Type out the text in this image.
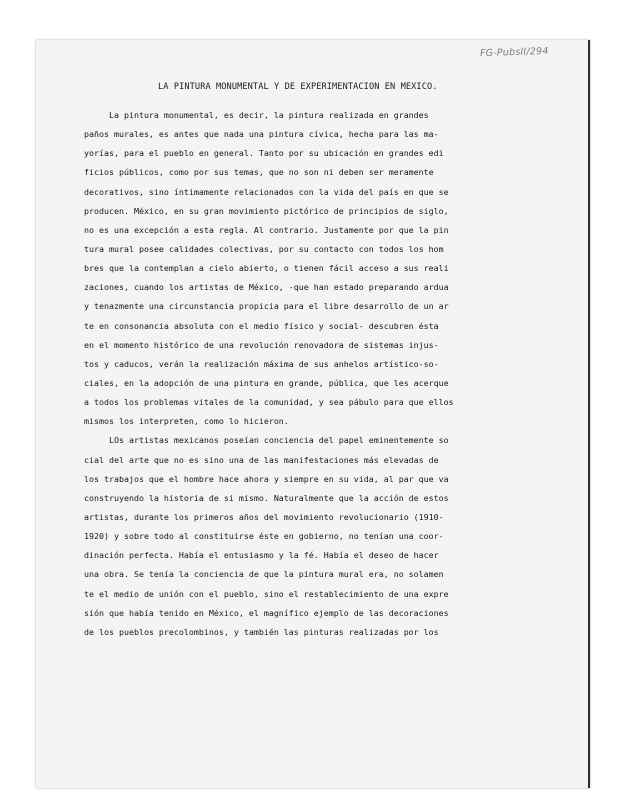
FG-PubsII/294
LA PINTURA MONUMENTAL Y DE EXPERIMENTACION EN MEXICO.
La pintura monumental, es decir, la pintura realizada en grandes
paños murales, es antes que nada una pintura cívica, hecha para las ma-
yorías, para el pueblo en general. Tanto por su ubicación en grandes edi
ficios públicos, como por sus temas, que no son ni deben ser meramente
decorativos, sino íntimamente relacionados con la vida del país en que se
producen. México, en su gran movimiento pictórico de principios de siglo,
no es una excepción a esta regla. Al contrario. Justamente por que la pin
tura mural posee calidades colectivas, por su contacto con todos los hom
bres que la contemplan a cielo abierto, o tienen fácil acceso a sus reali
zaciones, cuando los artistas de México, -que han estado preparando ardua
y tenazmente una circunstancia propicia para el libre desarrollo de un ar
te en consonancia absoluta con el medio físico y social- descubren ésta
en el momento histórico de una revolución renovadora de sistemas injus-
tos y caducos, verán la realización máxima de sus anhelos artístico-so-
ciales, en la adopción de una pintura en grande, pública, que les acerque
a todos los problemas vitales de la comunidad, y sea pábulo para que ellos
mismos los interpreten, como lo hicieron.
LOs artistas mexicanos poseían conciencia del papel eminentemente so
cial del arte que no es sino una de las manifestaciones más elevadas de
los trabajos que el hombre hace ahora y siempre en su vida, al par que va
construyendo la historia de si mismo. Naturalmente que la acción de estos
artistas, durante los primeros años del movimiento revolucionario (1910-
1920) y sobre todo al constituirse éste en gobierno, no tenían una coor-
dinación perfecta. Había el entusiasmo y la fé. Había el deseo de hacer
una obra. Se tenía la conciencia de que la pintura mural era, no solamen
te el medio de unión con el pueblo, sino el restablecimiento de una expre
sión que había tenido en México, el magnífico ejemplo de las decoraciones
de los pueblos precolombinos, y también las pinturas realizadas por los
